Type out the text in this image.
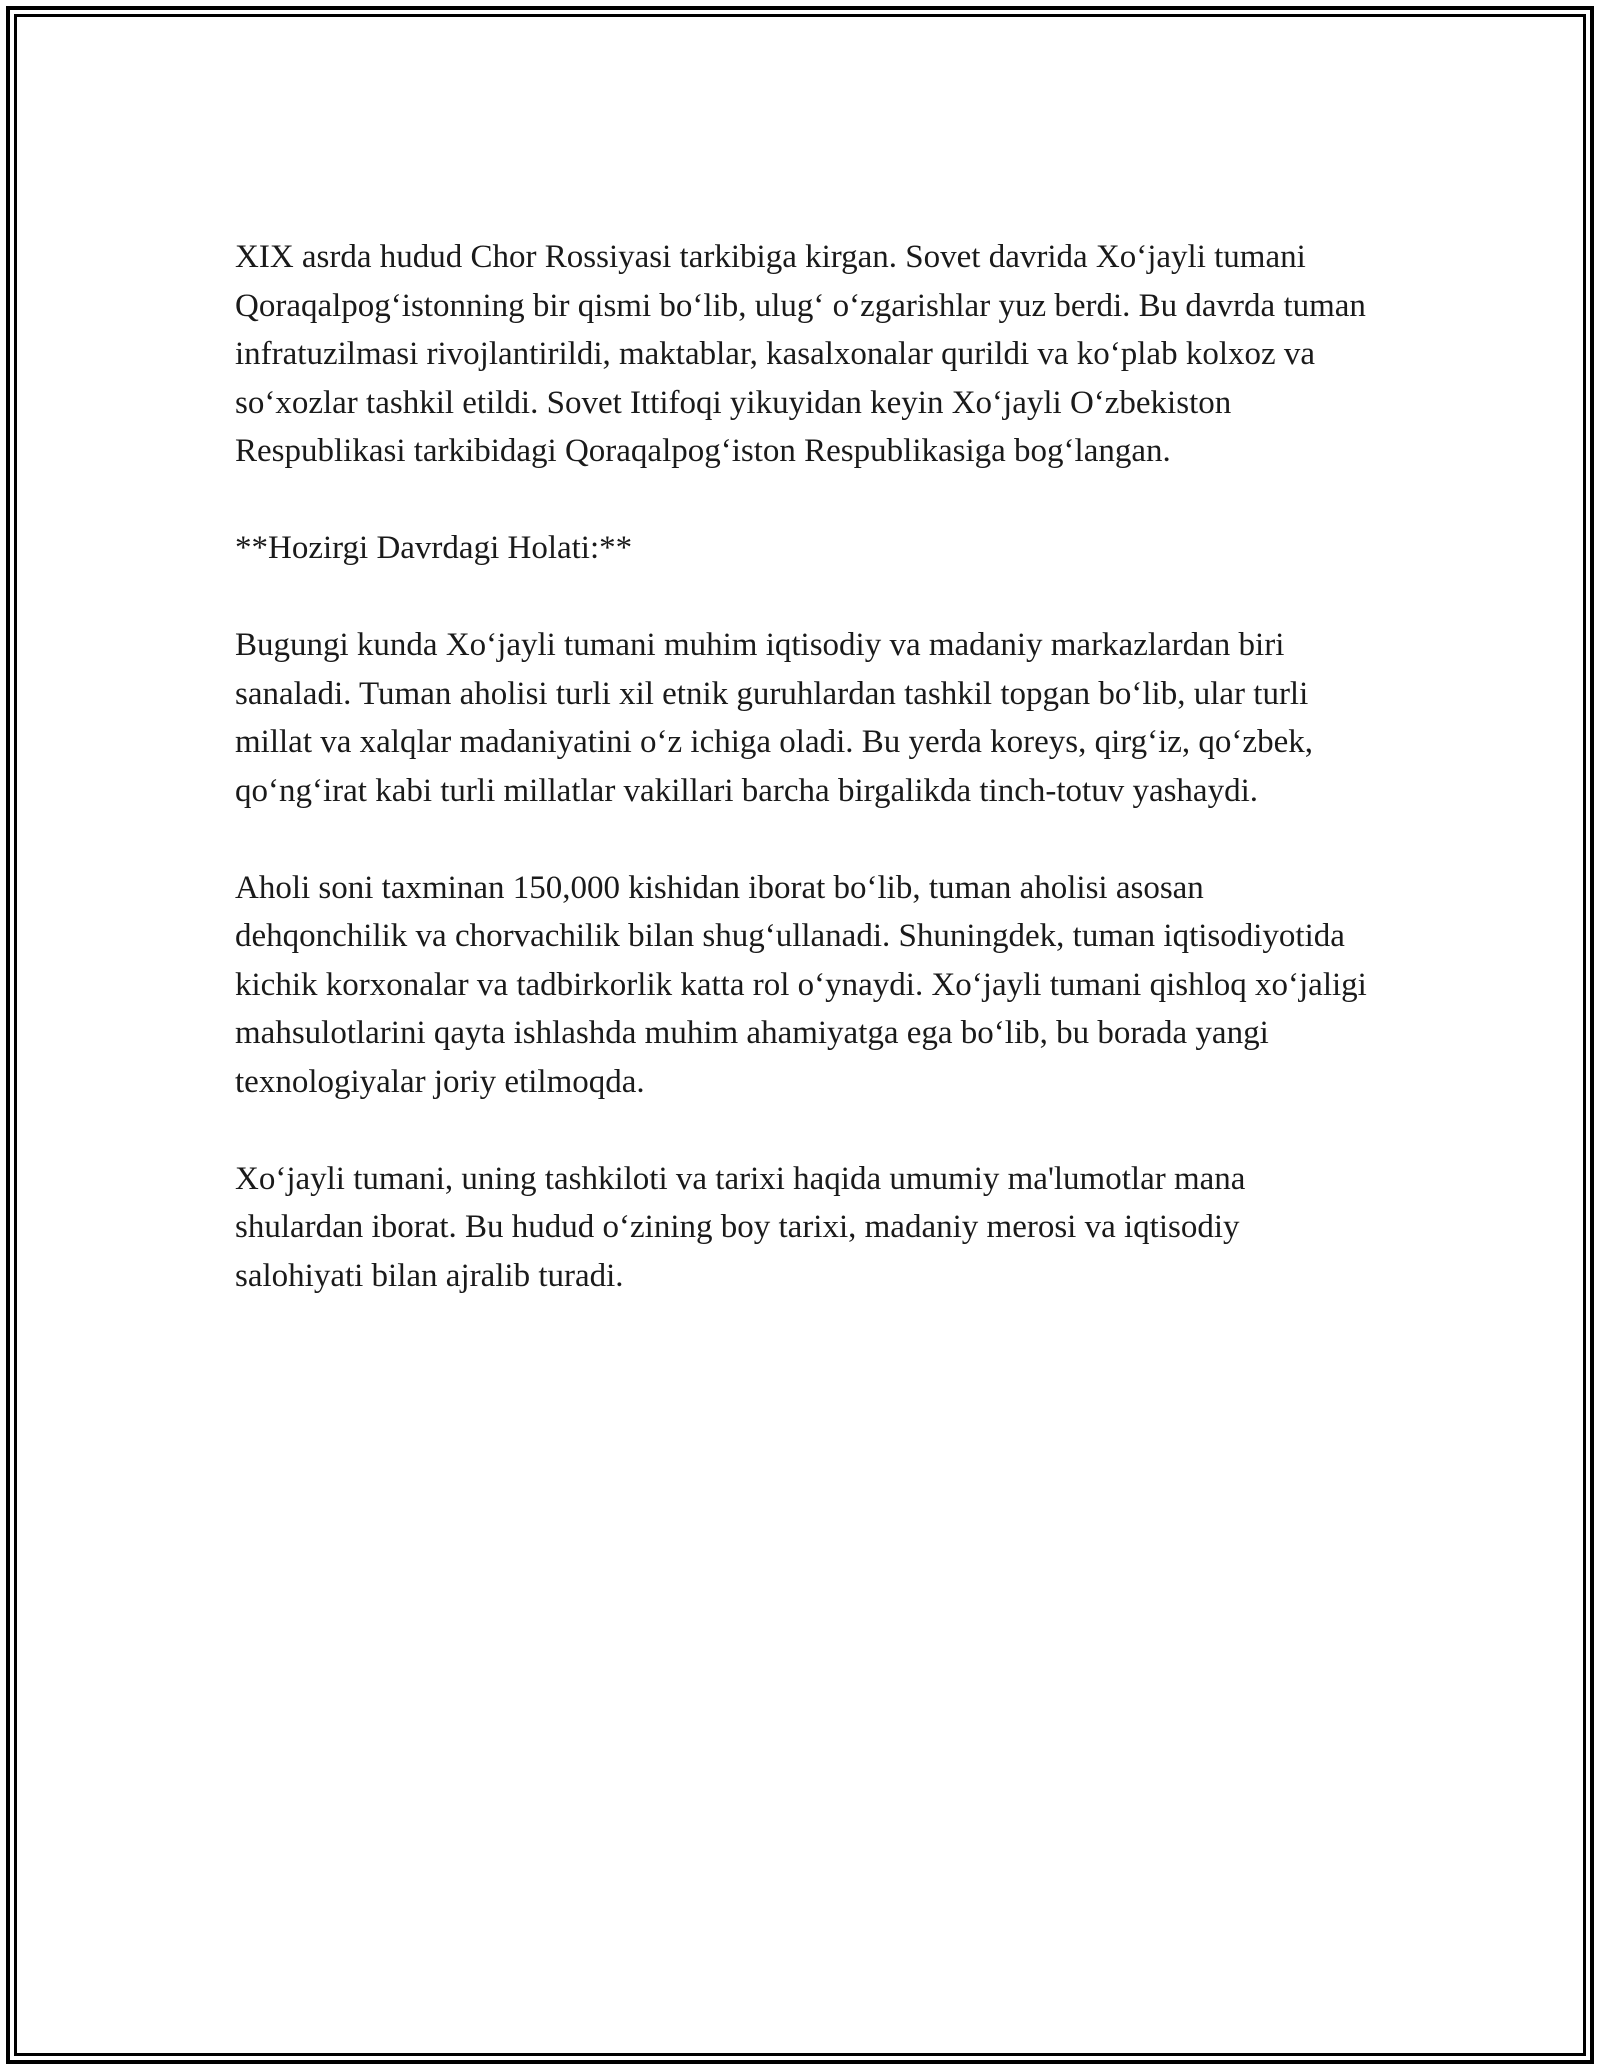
XIX asrda hudud Chor Rossiyasi tarkibiga kirgan. Sovet davrida Xo‘jayli tumani Qoraqalpog‘istonning bir qismi bo‘lib, ulug‘ o‘zgarishlar yuz berdi. Bu davrda tuman infratuzilmasi rivojlantirildi, maktablar, kasalxonalar qurildi va ko‘plab kolxoz va so‘xozlar tashkil etildi. Sovet Ittifoqi yikuyidan keyin Xo‘jayli O‘zbekiston Respublikasi tarkibidagi Qoraqalpog‘iston Respublikasiga bog‘langan.

**Hozirgi Davrdagi Holati:**

Bugungi kunda Xo‘jayli tumani muhim iqtisodiy va madaniy markazlardan biri sanaladi. Tuman aholisi turli xil etnik guruhlardan tashkil topgan bo‘lib, ular turli millat va xalqlar madaniyatini o‘z ichiga oladi. Bu yerda koreys, qirg‘iz, qo‘zbek, qo‘ng‘irat kabi turli millatlar vakillari barcha birgalikda tinch-totuv yashaydi.

Aholi soni taxminan 150,000 kishidan iborat bo‘lib, tuman aholisi asosan dehqonchilik va chorvachilik bilan shug‘ullanadi. Shuningdek, tuman iqtisodiyotida kichik korxonalar va tadbirkorlik katta rol o‘ynaydi. Xo‘jayli tumani qishloq xo‘jaligi mahsulotlarini qayta ishlashda muhim ahamiyatga ega bo‘lib, bu borada yangi texnologiyalar joriy etilmoqda.

Xo‘jayli tumani, uning tashkiloti va tarixi haqida umumiy ma'lumotlar mana shulardan iborat. Bu hudud o‘zining boy tarixi, madaniy merosi va iqtisodiy salohiyati bilan ajralib turadi.
